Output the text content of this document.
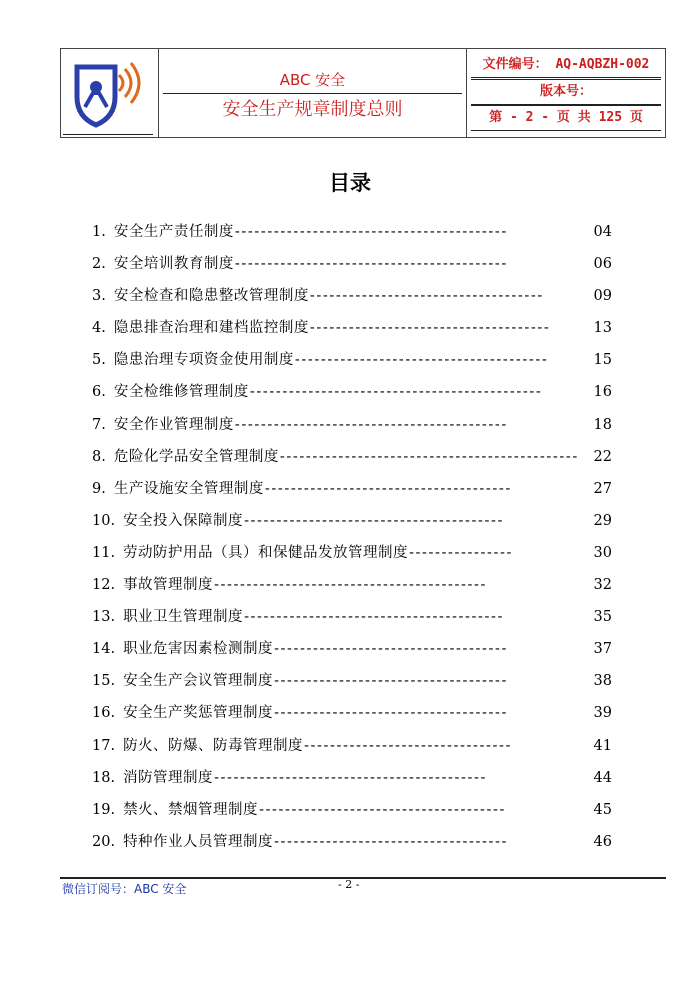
ABC 安全
安全生产规章制度总则
文件编号： AQ-AQBZH-002
版本号：
第 - 2 - 页 共 125 页
目录
1. 安全生产责任制度 ------------------------------------------	04
2. 安全培训教育制度 ------------------------------------------	06
3. 安全检查和隐患整改管理制度 ------------------------------------	09
4. 隐患排查治理和建档监控制度 -------------------------------------	13
5. 隐患治理专项资金使用制度 ---------------------------------------	15
6. 安全检维修管理制度 ---------------------------------------------	16
7. 安全作业管理制度 ------------------------------------------	18
8. 危险化学品安全管理制度 ----------------------------------------------	22
9. 生产设施安全管理制度 --------------------------------------	27
10. 安全投入保障制度 ----------------------------------------	29
11. 劳动防护用品（具）和保健品发放管理制度 ----------------	30
12. 事故管理制度 ------------------------------------------	32
13. 职业卫生管理制度 ----------------------------------------	35
14. 职业危害因素检测制度 ------------------------------------	37
15. 安全生产会议管理制度 ------------------------------------	38
16. 安全生产奖惩管理制度 ------------------------------------	39
17. 防火、防爆、防毒管理制度 --------------------------------	41
18. 消防管理制度 ------------------------------------------	44
19. 禁火、禁烟管理制度 --------------------------------------	45
20. 特种作业人员管理制度 ------------------------------------	46
微信订阅号：ABC 安全	- 2 -
